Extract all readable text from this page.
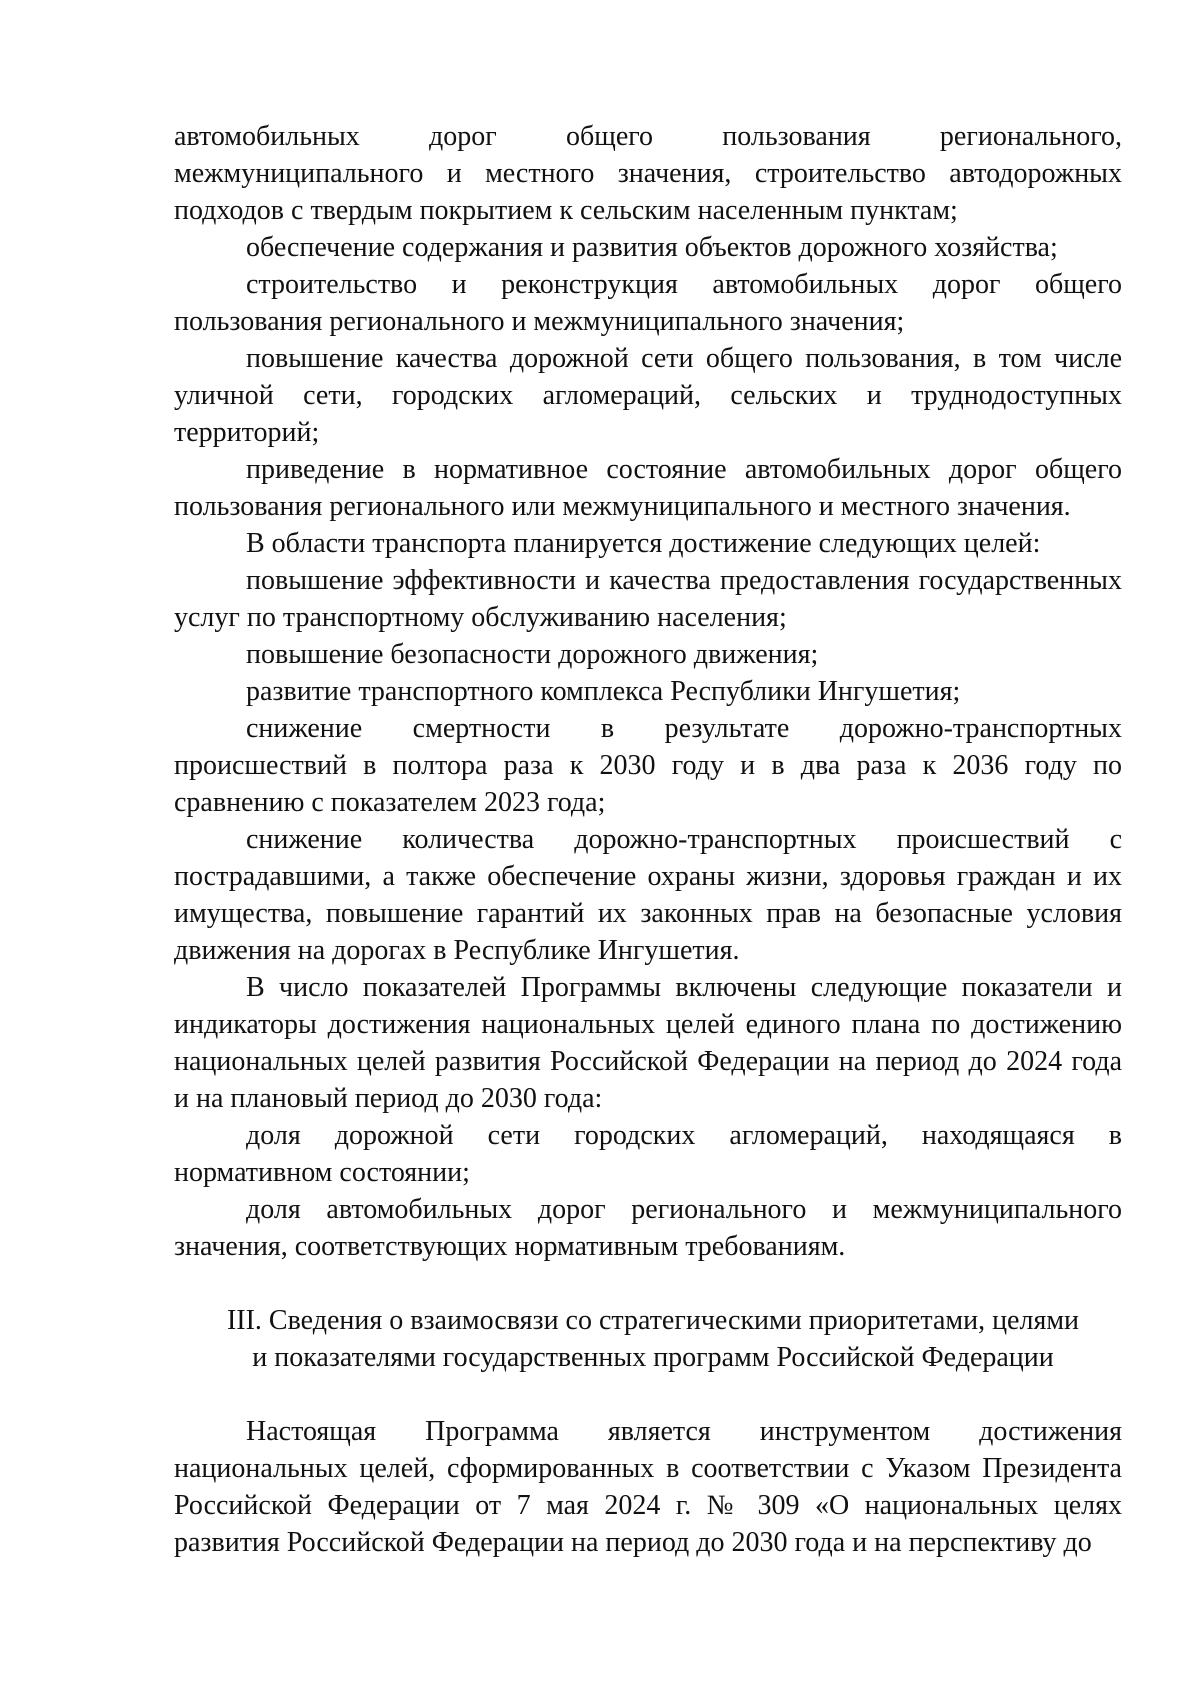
автомобильных дорог общего пользования регионального, межмуниципального и местного значения, строительство автодорожных подходов с твердым покрытием к сельским населенным пунктам;

обеспечение содержания и развития объектов дорожного хозяйства;

строительство и реконструкция автомобильных дорог общего пользования регионального и межмуниципального значения;

повышение качества дорожной сети общего пользования, в том числе уличной сети, городских агломераций, сельских и труднодоступных территорий;

приведение в нормативное состояние автомобильных дорог общего пользования регионального или межмуниципального и местного значения.

В области транспорта планируется достижение следующих целей:

повышение эффективности и качества предоставления государственных услуг по транспортному обслуживанию населения;

повышение безопасности дорожного движения;

развитие транспортного комплекса Республики Ингушетия;

снижение смертности в результате дорожно-транспортных происшествий в полтора раза к 2030 году и в два раза к 2036 году по сравнению с показателем 2023 года;

снижение количества дорожно-транспортных происшествий с пострадавшими, а также обеспечение охраны жизни, здоровья граждан и их имущества, повышение гарантий их законных прав на безопасные условия движения на дорогах в Республике Ингушетия.

В число показателей Программы включены следующие показатели и индикаторы достижения национальных целей единого плана по достижению национальных целей развития Российской Федерации на период до 2024 года и на плановый период до 2030 года:

доля дорожной сети городских агломераций, находящаяся в нормативном состоянии;

доля автомобильных дорог регионального и межмуниципального значения, соответствующих нормативным требованиям.

III. Сведения о взаимосвязи со стратегическими приоритетами, целями
и показателями государственных программ Российской Федерации

Настоящая Программа является инструментом достижения национальных целей, сформированных в соответствии с Указом Президента Российской Федерации от 7 мая 2024 г. № 309 «О национальных целях развития Российской Федерации на период до 2030 года и на перспективу до
